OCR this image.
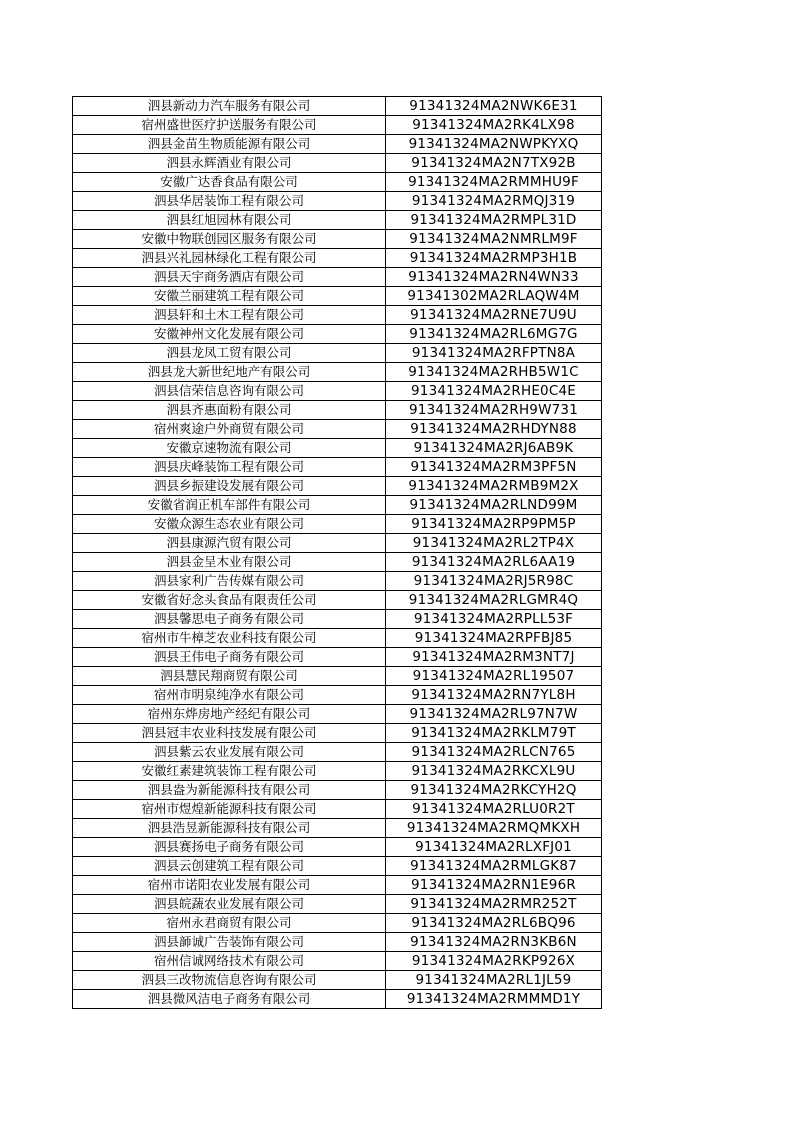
泗县新动力汽车服务有限公司	91341324MA2NWK6E31
宿州盛世医疗护送服务有限公司	91341324MA2RK4LX98
泗县金苗生物质能源有限公司	91341324MA2NWPKYXQ
泗县永辉酒业有限公司	91341324MA2N7TX92B
安徽广达香食品有限公司	91341324MA2RMMHU9F
泗县华居装饰工程有限公司	91341324MA2RMQJ319
泗县红旭园林有限公司	91341324MA2RMPL31D
安徽中物联创园区服务有限公司	91341324MA2NMRLM9F
泗县兴礼园林绿化工程有限公司	91341324MA2RMP3H1B
泗县天宇商务酒店有限公司	91341324MA2RN4WN33
安徽兰丽建筑工程有限公司	91341302MA2RLAQW4M
泗县轩和土木工程有限公司	91341324MA2RNE7U9U
安徽神州文化发展有限公司	91341324MA2RL6MG7G
泗县龙凤工贸有限公司	91341324MA2RFPTN8A
泗县龙大新世纪地产有限公司	91341324MA2RHB5W1C
泗县信荣信息咨询有限公司	91341324MA2RHE0C4E
泗县齐惠面粉有限公司	91341324MA2RH9W731
宿州爽途户外商贸有限公司	91341324MA2RHDYN88
安徽京速物流有限公司	91341324MA2RJ6AB9K
泗县庆峰装饰工程有限公司	91341324MA2RM3PF5N
泗县乡振建设发展有限公司	91341324MA2RMB9M2X
安徽省润正机车部件有限公司	91341324MA2RLND99M
安徽众源生态农业有限公司	91341324MA2RP9PM5P
泗县康源汽贸有限公司	91341324MA2RL2TP4X
泗县金呈木业有限公司	91341324MA2RL6AA19
泗县家利广告传媒有限公司	91341324MA2RJ5R98C
安徽省好念头食品有限责任公司	91341324MA2RLGMR4Q
泗县馨思电子商务有限公司	91341324MA2RPLL53F
宿州市牛樟芝农业科技有限公司	91341324MA2RPFBJ85
泗县王伟电子商务有限公司	91341324MA2RM3NT7J
泗县慧民翔商贸有限公司	91341324MA2RL19507
宿州市明泉纯净水有限公司	91341324MA2RN7YL8H
宿州东烨房地产经纪有限公司	91341324MA2RL97N7W
泗县冠丰农业科技发展有限公司	91341324MA2RKLM79T
泗县紫云农业发展有限公司	91341324MA2RLCN765
安徽红素建筑装饰工程有限公司	91341324MA2RKCXL9U
泗县盎为新能源科技有限公司	91341324MA2RKCYH2Q
宿州市煜煌新能源科技有限公司	91341324MA2RLU0R2T
泗县浩昱新能源科技有限公司	91341324MA2RMQMKXH
泗县赛扬电子商务有限公司	91341324MA2RLXFJ01
泗县云创建筑工程有限公司	91341324MA2RMLGK87
宿州市诺阳农业发展有限公司	91341324MA2RN1E96R
泗县皖蔬农业发展有限公司	91341324MA2RMR252T
宿州永君商贸有限公司	91341324MA2RL6BQ96
泗县韴诚广告装饰有限公司	91341324MA2RN3KB6N
宿州信诚网络技术有限公司	91341324MA2RKP926X
泗县三改物流信息咨询有限公司	91341324MA2RL1JL59
泗县微风洁电子商务有限公司	91341324MA2RMMMD1Y
